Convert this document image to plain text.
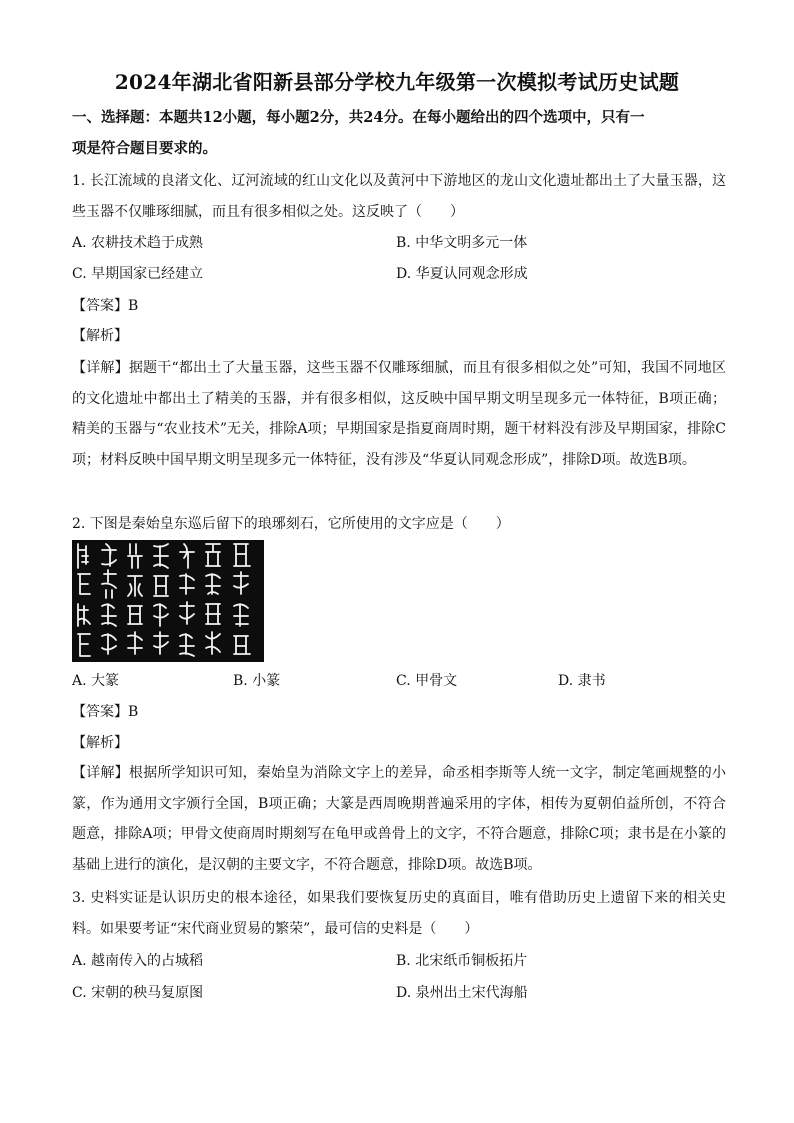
2024年湖北省阳新县部分学校九年级第一次模拟考试历史试题
一、选择题：本题共12小题，每小题2分，共24分。在每小题给出的四个选项中，只有一
项是符合题目要求的。
1. 长江流域的良渚文化、辽河流域的红山文化以及黄河中下游地区的龙山文化遗址都出土了大量玉器，这些玉器不仅雕琢细腻，而且有很多相似之处。这反映了（　　）
A. 农耕技术趋于成熟	B. 中华文明多元一体
C. 早期国家已经建立	D. 华夏认同观念形成
【答案】B
【解析】
【详解】据题干“都出土了大量玉器，这些玉器不仅雕琢细腻，而且有很多相似之处”可知，我国不同地区的文化遗址中都出土了精美的玉器，并有很多相似，这反映中国早期文明呈现多元一体特征，B项正确；精美的玉器与“农业技术”无关，排除A项；早期国家是指夏商周时期，题干材料没有涉及早期国家，排除C项；材料反映中国早期文明呈现多元一体特征，没有涉及“华夏认同观念形成”，排除D项。故选B项。
2. 下图是秦始皇东巡后留下的琅琊刻石，它所使用的文字应是（　　）
A. 大篆	B. 小篆	C. 甲骨文	D. 隶书
【答案】B
【解析】
【详解】根据所学知识可知，秦始皇为消除文字上的差异，命丞相李斯等人统一文字，制定笔画规整的小篆，作为通用文字颁行全国，B项正确；大篆是西周晚期普遍采用的字体，相传为夏朝伯益所创，不符合题意，排除A项；甲骨文使商周时期刻写在龟甲或兽骨上的文字，不符合题意，排除C项；隶书是在小篆的基础上进行的演化，是汉朝的主要文字，不符合题意，排除D项。故选B项。
3. 史料实证是认识历史的根本途径，如果我们要恢复历史的真面目，唯有借助历史上遗留下来的相关史料。如果要考证“宋代商业贸易的繁荣”，最可信的史料是（　　）
A. 越南传入的占城稻	B. 北宋纸币铜板拓片
C. 宋朝的秧马复原图	D. 泉州出土宋代海船
